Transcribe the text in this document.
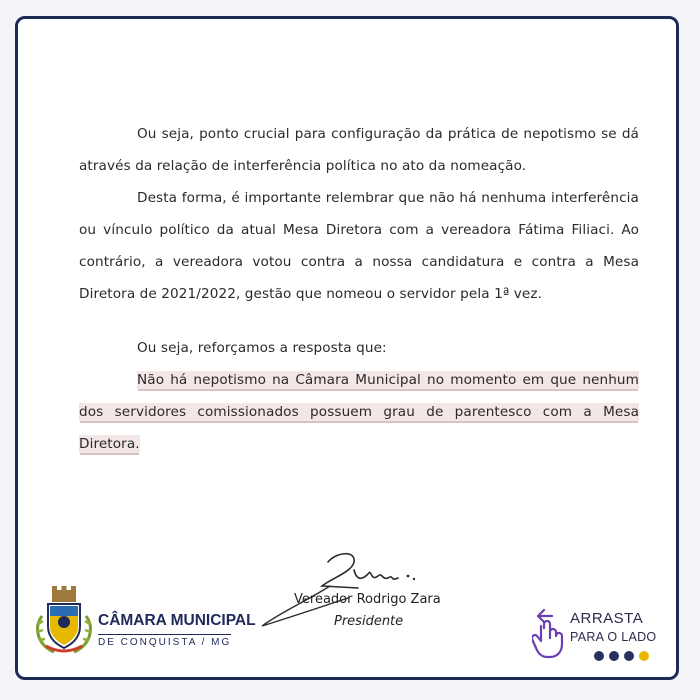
Ou seja, ponto crucial para configuração da prática de nepotismo se dá através da relação de interferência política no ato da nomeação.

Desta forma, é importante relembrar que não há nenhuma interferência ou vínculo político da atual Mesa Diretora com a vereadora Fátima Filiaci. Ao contrário, a vereadora votou contra a nossa candidatura e contra a Mesa Diretora de 2021/2022, gestão que nomeou o servidor pela 1ª vez.

Ou seja, reforçamos a resposta que:

Não há nepotismo na Câmara Municipal no momento em que nenhum dos servidores comissionados possuem grau de parentesco com a Mesa Diretora.

Vereador Rodrigo Zara
Presidente
CÂMARA MUNICIPAL
DE CONQUISTA / MG
ARRASTA
PARA O LADO
